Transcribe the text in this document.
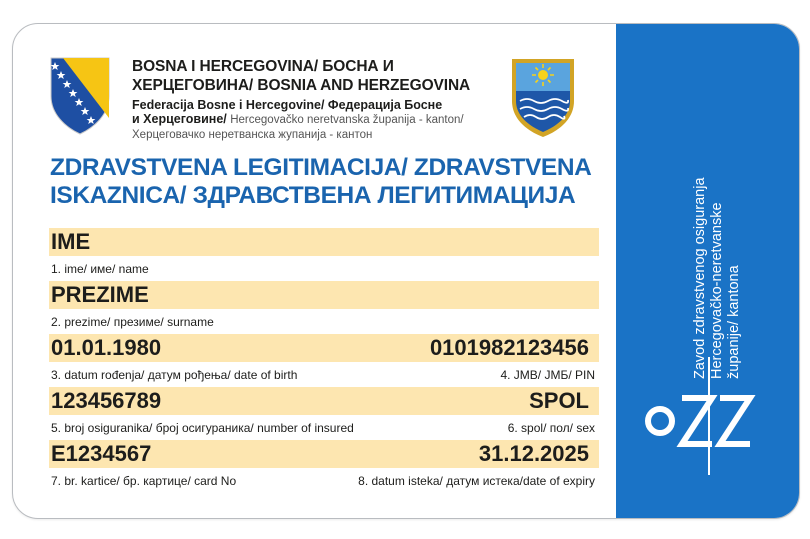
BOSNA I HERCEGOVINA/ БОСНА И
ХЕРЦЕГОВИНА/ BOSNIA AND HERZEGOVINA
Federacija Bosne i Hercegovine/ Федерација Босне
и Херцеговине/ Hercegovačko neretvanska županija - kanton/
Херцеговачко неретванска жупанија - кантон
ZDRAVSTVENA LEGITIMACIJA/ ZDRAVSTVENA
ISKAZNICA/ ЗДРАВСТВЕНА ЛЕГИТИМАЦИЈА
IME
1. ime/ име/ name
PREZIME
2. prezime/ презиме/ surname
01.01.1980	0101982123456
3. datum rođenja/ датум рођења/ date of birth	4. JMB/ ЈМБ/ PIN
123456789	SPOL
5. broj osiguranika/ број осигураника/ number of insured	6. spol/ пол/ sex
E1234567	31.12.2025
7. br. kartice/ бр. картице/ card No	8. datum isteka/ датум истека/date of expiry
Zavod zdravstvenog osiguranja Hercegovačko-neretvanske županije/ kantona
